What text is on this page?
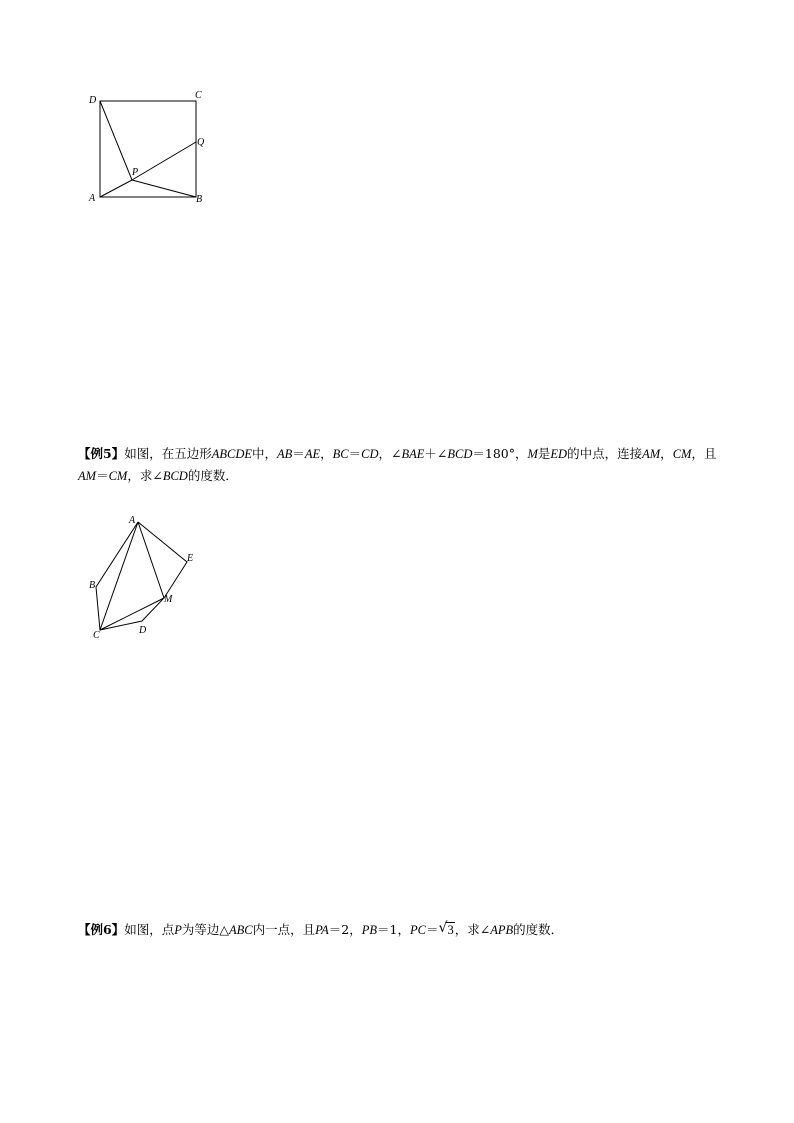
D	C
Q
P
A	B

【例5】如图，在五边形ABCDE中，AB＝AE，BC＝CD，∠BAE＋∠BCD＝180°，M是ED的中点，连接AM，CM，且AM＝CM，求∠BCD的度数．

A
E
B
M
C	D

【例6】如图，点P为等边△ABC内一点，且PA＝2，PB＝1，PC＝ √ 3，求∠APB的度数．
